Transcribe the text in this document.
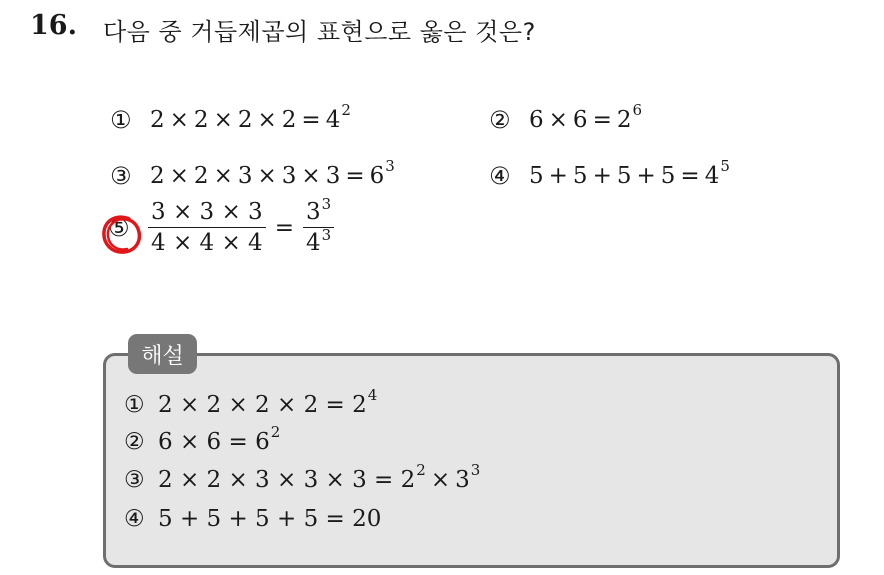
16. 다음 중 거듭제곱의 표현으로 옳은 것은?
① $2 \times 2 \times 2 \times 2 = 4^2$	② $6 \times 6 = 2^6$
③ $2 \times 2 \times 3 \times 3 \times 3 = 6^3$	④ $5 + 5 + 5 + 5 = 4^5$
⑤ $\frac{3 \times 3 \times 3}{4 \times 4 \times 4} = \frac{3^3}{4^3}$
해설
① 2 × 2 × 2 × 2 =
$2^4$
② 6 × 6 =
$6^2$
③ 2 × 2 × 3 × 3 × 3 =
$2^2 \times 3^3$
④ 5 + 5 + 5 + 5 =
20
